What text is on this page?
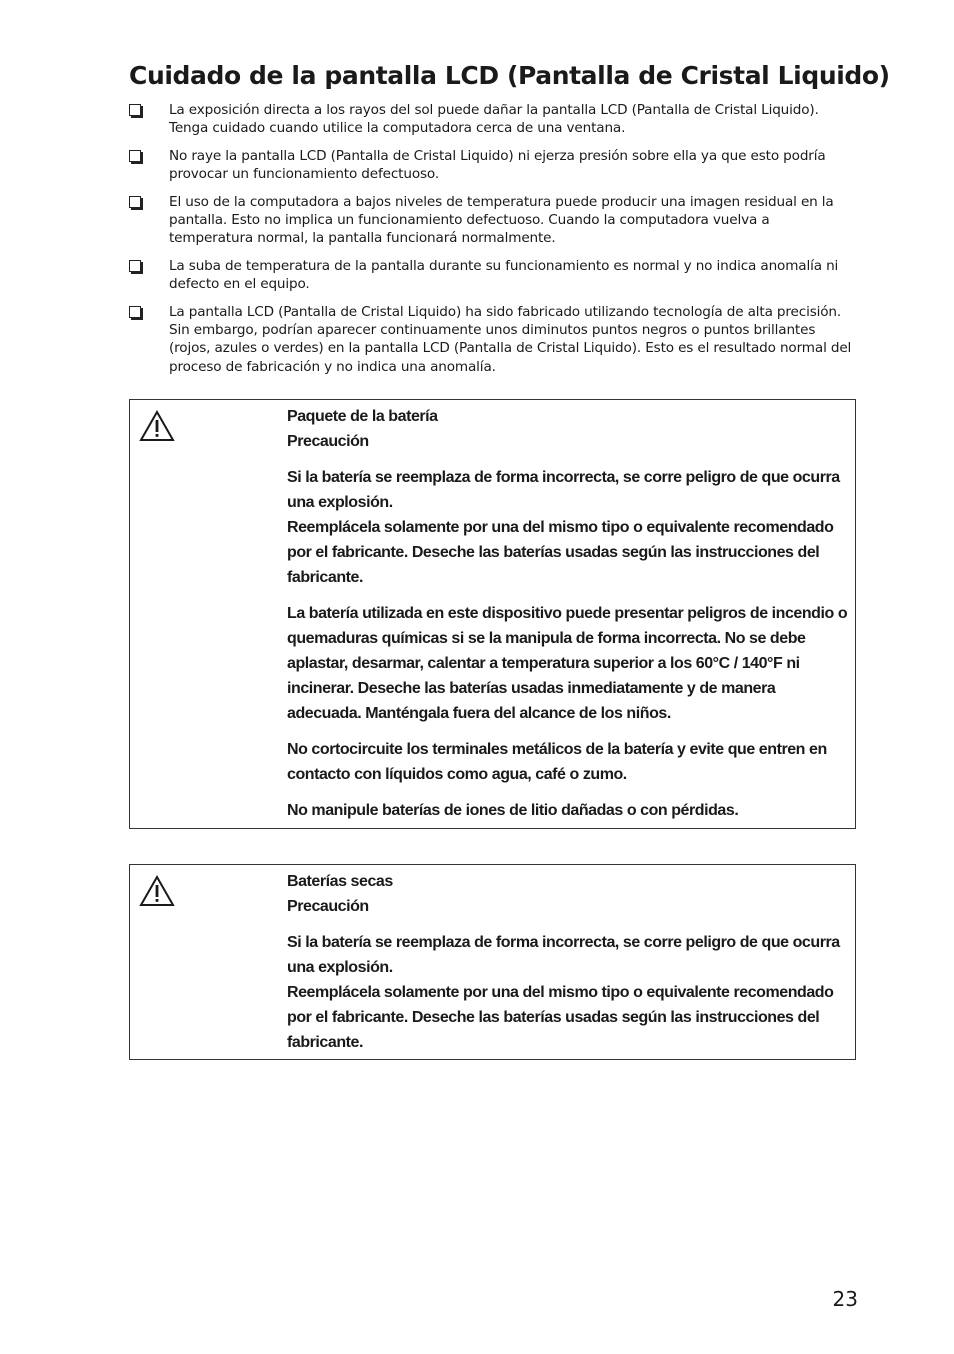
Cuidado de la pantalla LCD (Pantalla de Cristal Liquido)
La exposición directa a los rayos del sol puede dañar la pantalla LCD (Pantalla de Cristal Liquido). Tenga cuidado cuando utilice la computadora cerca de una ventana.
No raye la pantalla LCD (Pantalla de Cristal Liquido) ni ejerza presión sobre ella ya que esto podría provocar un funcionamiento defectuoso.
El uso de la computadora a bajos niveles de temperatura puede producir una imagen residual en la pantalla. Esto no implica un funcionamiento defectuoso. Cuando la computadora vuelva a temperatura normal, la pantalla funcionará normalmente.
La suba de temperatura de la pantalla durante su funcionamiento es normal y no indica anomalía ni defecto en el equipo.
La pantalla LCD (Pantalla de Cristal Liquido) ha sido fabricado utilizando tecnología de alta precisión. Sin embargo, podrían aparecer continuamente unos diminutos puntos negros o puntos brillantes (rojos, azules o verdes) en la pantalla LCD (Pantalla de Cristal Liquido). Esto es el resultado normal del proceso de fabricación y no indica una anomalía.

Paquete de la batería

Precaución

Si la batería se reemplaza de forma incorrecta, se corre peligro de que ocurra una explosión.

Reemplácela solamente por una del mismo tipo o equivalente recomendado por el fabricante. Deseche las baterías usadas según las instrucciones del fabricante.

La batería utilizada en este dispositivo puede presentar peligros de incendio o quemaduras químicas si se la manipula de forma incorrecta. No se debe aplastar, desarmar, calentar a temperatura superior a los 60°C / 140°F ni incinerar. Deseche las baterías usadas inmediatamente y de manera adecuada. Manténgala fuera del alcance de los niños.

No cortocircuite los terminales metálicos de la batería y evite que entren en contacto con líquidos como agua, café o zumo.

No manipule baterías de iones de litio dañadas o con pérdidas.

Baterías secas

Precaución

Si la batería se reemplaza de forma incorrecta, se corre peligro de que ocurra una explosión.

Reemplácela solamente por una del mismo tipo o equivalente recomendado por el fabricante. Deseche las baterías usadas según las instrucciones del fabricante.

23
